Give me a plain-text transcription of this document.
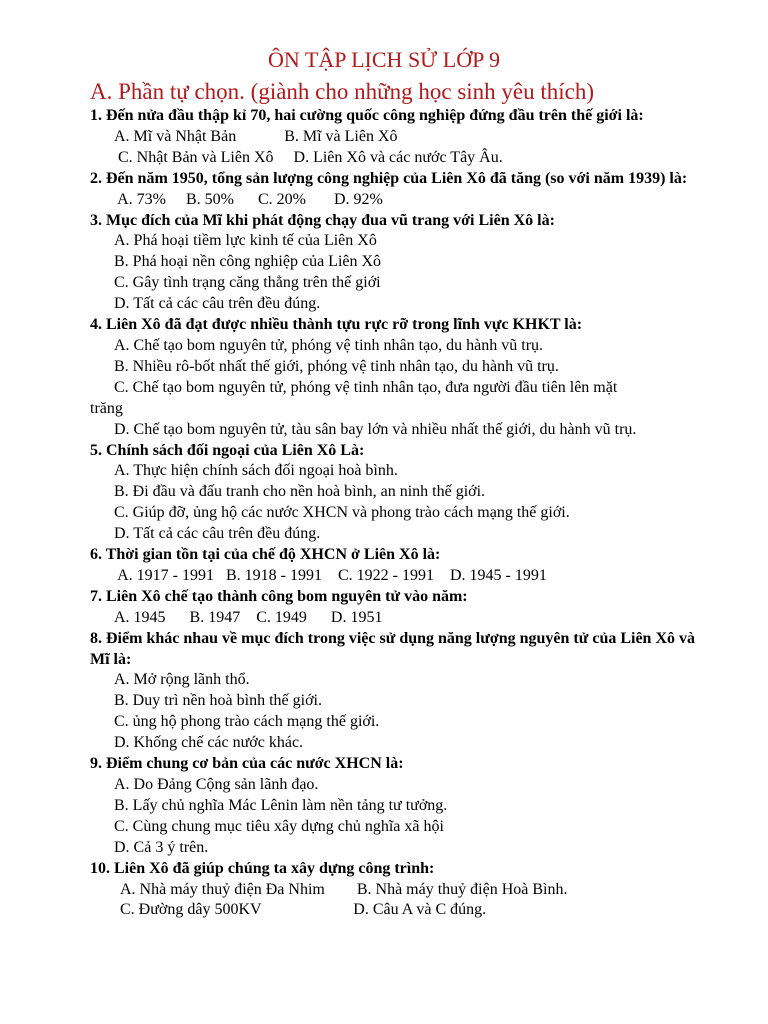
ÔN TẬP LỊCH SỬ LỚP 9
A. Phần tự chọn. (giành cho những học sinh yêu thích)
1. Đến nửa đầu thập kỉ 70, hai cường quốc công nghiệp đứng đầu trên thế giới là:
A. Mĩ và Nhật Bản            B. Mĩ và Liên Xô
C. Nhật Bản và Liên Xô     D. Liên Xô và các nước Tây Âu.
2. Đến năm 1950, tổng sản lượng công nghiệp của Liên Xô đã tăng (so với năm 1939) là:
A. 73%     B. 50%      C. 20%       D. 92%
3. Mục đích của Mĩ khi phát động chạy đua vũ trang với Liên Xô là:
A. Phá hoại tiềm lực kinh tế của Liên Xô
B. Phá hoại nền công nghiệp của Liên Xô
C. Gây tình trạng căng thẳng trên thế giới
D. Tất cả các câu trên đều đúng.
4. Liên Xô đã đạt được nhiều thành tựu rực rỡ trong lĩnh vực KHKT là:
A. Chế tạo bom nguyên tử, phóng vệ tinh nhân tạo, du hành vũ trụ.
B. Nhiều rô-bốt nhất thế giới, phóng vệ tinh nhân tạo, du hành vũ trụ.
C. Chế tạo bom nguyên tử, phóng vệ tinh nhân tạo, đưa người đầu tiên lên mặt
trăng
D. Chế tạo bom nguyên tử, tàu sân bay lớn và nhiều nhất thế giới, du hành vũ trụ.
5. Chính sách đối ngoại của Liên Xô Là:
A. Thực hiện chính sách đối ngoại hoà bình.
B. Đi đầu và đấu tranh cho nền hoà bình, an ninh thế giới.
C. Giúp đỡ, ủng hộ các nước XHCN và phong trào cách mạng thế giới.
D. Tất cả các câu trên đều đúng.
6. Thời gian tồn tại của chế độ XHCN ở Liên Xô là:
A. 1917 - 1991   B. 1918 - 1991    C. 1922 - 1991    D. 1945 - 1991
7. Liên Xô chế tạo thành công bom nguyên tử vào năm:
A. 1945      B. 1947    C. 1949      D. 1951
8. Điểm khác nhau về mục đích trong việc sử dụng năng lượng nguyên tử của Liên Xô và Mĩ là:
A. Mở rộng lãnh thổ.
B. Duy trì nền hoà bình thế giới.
C. ủng hộ phong trào cách mạng thế giới.
D. Khống chế các nước khác.
9. Điểm chung cơ bản của các nước XHCN là:
A. Do Đảng Cộng sản lãnh đạo.
B. Lấy chủ nghĩa Mác Lênin làm nền tảng tư tưởng.
C. Cùng chung mục tiêu xây dựng chủ nghĩa xã hội
D. Cả 3 ý trên.
10. Liên Xô đã giúp chúng ta xây dựng công trình:
A. Nhà máy thuỷ điện Đa Nhim        B. Nhà máy thuỷ điện Hoà Bình.
C. Đường dây 500KV                       D. Câu A và C đúng.
